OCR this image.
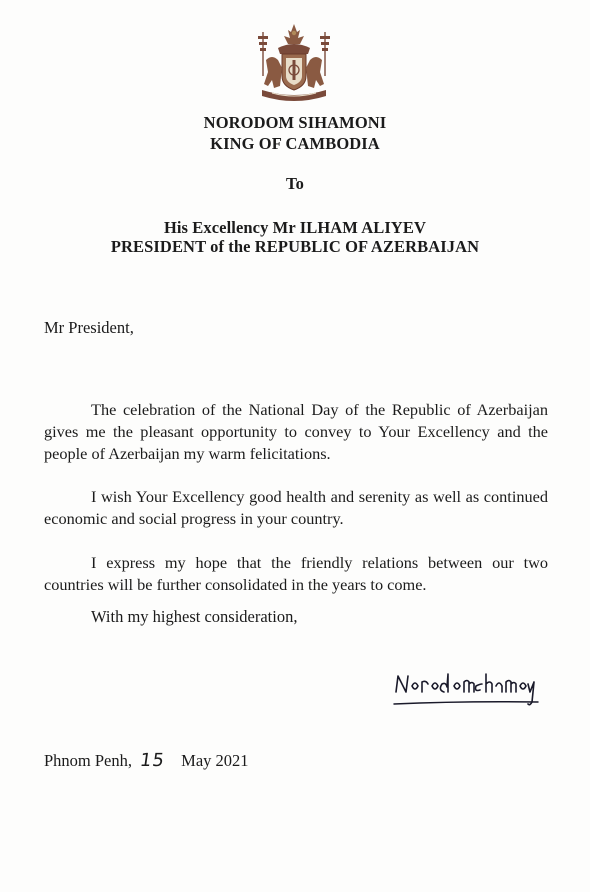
NORODOM SIHAMONI
KING OF CAMBODIA
To
His Excellency Mr ILHAM ALIYEV
PRESIDENT of the REPUBLIC OF AZERBAIJAN
Mr President,
The celebration of the National Day of the Republic of Azerbaijan gives me the pleasant opportunity to convey to Your Excellency and the people of Azerbaijan my warm felicitations.
I wish Your Excellency good health and serenity as well as continued economic and social progress in your country.
I express my hope that the friendly relations between our two countries will be further consolidated in the years to come.
With my highest consideration,
Phnom Penh, 15 May 2021
